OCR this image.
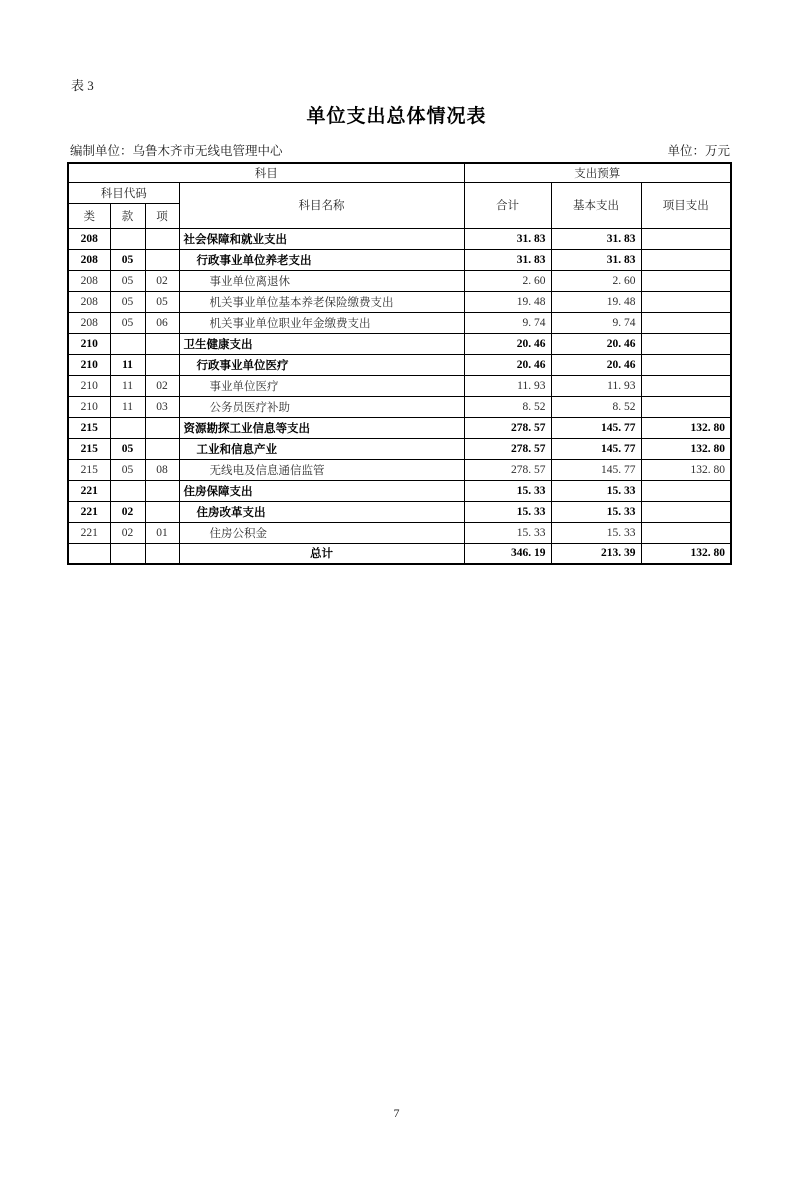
表 3
单位支出总体情况表
编制单位：乌鲁木齐市无线电管理中心	单位：万元
科目				支出预算		
科目代码			科目名称	合计	基本支出	项目支出
类	款	项				
208			社会保障和就业支出	31. 83	31. 83	
208	05		行政事业单位养老支出	31. 83	31. 83	
208	05	02	事业单位离退休	2. 60	2. 60	
208	05	05	机关事业单位基本养老保险缴费支出	19. 48	19. 48	
208	05	06	机关事业单位职业年金缴费支出	9. 74	9. 74	
210			卫生健康支出	20. 46	20. 46	
210	11		行政事业单位医疗	20. 46	20. 46	
210	11	02	事业单位医疗	11. 93	11. 93	
210	11	03	公务员医疗补助	8. 52	8. 52	
215			资源勘探工业信息等支出	278. 57	145. 77	132. 80
215	05		工业和信息产业	278. 57	145. 77	132. 80
215	05	08	无线电及信息通信监管	278. 57	145. 77	132. 80
221			住房保障支出	15. 33	15. 33	
221	02		住房改革支出	15. 33	15. 33	
221	02	01	住房公积金	15. 33	15. 33	
			总计	346. 19	213. 39	132. 80
7
